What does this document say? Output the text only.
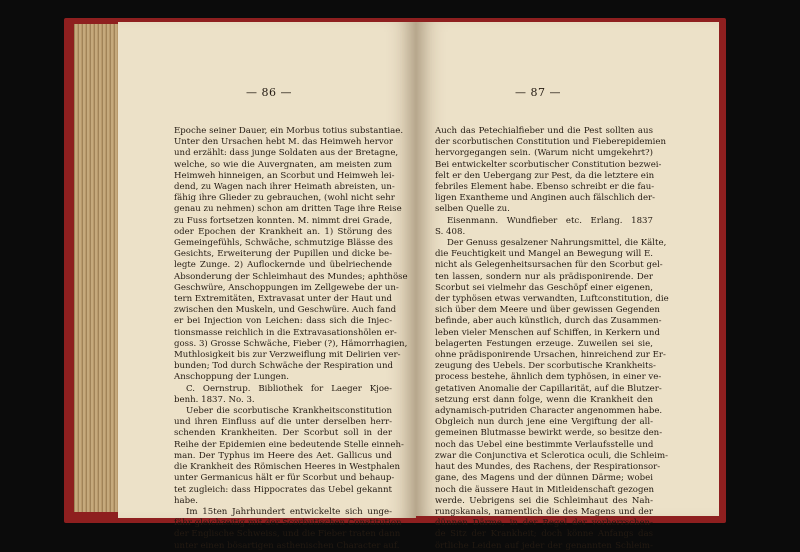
— 86 —
Epoche seiner Dauer, ein Morbus totius substantiae.
Unter den Ursachen hebt M. das Heimweh hervor
und erzählt: dass junge Soldaten aus der Bretagne,
welche, so wie die Auvergnaten, am meisten zum
Heimweh hinneigen, an Scorbut und Heimweh lei-
dend, zu Wagen nach ihrer Heimath abreisten, un-
fähig ihre Glieder zu gebrauchen, (wohl nicht sehr
genau zu nehmen) schon am dritten Tage ihre Reise
zu Fuss fortsetzen konnten. M. nimmt drei Grade,
oder Epochen der Krankheit an. 1) Störung des
Gemeingefühls, Schwäche, schmutzige Blässe des
Gesichts, Erweiterung der Pupillen und dicke be-
legte Zunge. 2) Auflockernde und übelriechende
Absonderung der Schleimhaut des Mundes; aphthöse
Geschwüre, Anschoppungen im Zellgewebe der un-
tern Extremitäten, Extravasat unter der Haut und
zwischen den Muskeln, und Geschwüre. Auch fand
er bei Injection von Leichen: dass sich die Injec-
tionsmasse reichlich in die Extravasationshölen er-
goss. 3) Grosse Schwäche, Fieber (?), Hämorrhagien,
Muthlosigkeit bis zur Verzweiflung mit Delirien ver-
bunden; Tod durch Schwäche der Respiration und
Anschoppung der Lungen.
C. Oernstrup. Bibliothek for Laeger Kjoe-
benh. 1837. No. 3.
Ueber die scorbutische Krankheitsconstitution
und ihren Einfluss auf die unter derselben herr-
schenden Krankheiten. Der Scorbut soll in der
Reihe der Epidemien eine bedeutende Stelle einneh-
man. Der Typhus im Heere des Aet. Gallicus und
die Krankheit des Römischen Heeres in Westphalen
unter Germanicus hält er für Scorbut und behaup-
tet zugleich: dass Hippocrates das Uebel gekannt
habe.
Im 15ten Jahrhundert entwickelte sich unge-
fähr gleichzeitig mit der Scorbutischen Constitution
der Englische Schweiss, und die Fieber traten dann
unter einen bösartigen asthenischen Character auf.
— 87 —
Auch das Petechialfieber und die Pest sollten aus
der scorbutischen Constitution und Fieberepidemien
hervorgegangen sein. (Warum nicht umgekehrt?)
Bei entwickelter scorbutischer Constitution bezwei-
felt er den Uebergang zur Pest, da die letztere ein
febriles Element habe. Ebenso schreibt er die fau-
ligen Exantheme und Anginen auch fälschlich der-
selben Quelle zu.
Eisenmann. Wundfieber etc. Erlang. 1837
S. 408.
Der Genuss gesalzener Nahrungsmittel, die Kälte,
die Feuchtigkeit und Mangel an Bewegung will E.
nicht als Gelegenheitsursachen für den Scorbut gel-
ten lassen, sondern nur als prädisponirende. Der
Scorbut sei vielmehr das Geschöpf einer eigenen,
der typhösen etwas verwandten, Luftconstitution, die
sich über dem Meere und über gewissen Gegenden
befinde, aber auch künstlich, durch das Zusammen-
leben vieler Menschen auf Schiffen, in Kerkern und
belagerten Festungen erzeuge. Zuweilen sei sie,
ohne prädisponirende Ursachen, hinreichend zur Er-
zeugung des Uebels. Der scorbutische Krankheits-
process bestehe, ähnlich dem typhösen, in einer ve-
getativen Anomalie der Capillarität, auf die Blutzer-
setzung erst dann folge, wenn die Krankheit den
adynamisch-putriden Character angenommen habe.
Obgleich nun durch jene eine Vergiftung der all-
gemeinen Blutmasse bewirkt werde, so besitze den-
noch das Uebel eine bestimmte Verlaufsstelle und
zwar die Conjunctiva et Sclerotica oculi, die Schleim-
haut des Mundes, des Rachens, der Respirationsor-
gane, des Magens und der dünnen Därme; wobei
noch die äussere Haut in Mitleidenschaft gezogen
werde. Uebrigens sei die Schleimhaut des Nah-
rungskanals, namentlich die des Magens und der
dünnen Därme, in der Regel der vorherrschen-
de Sitz der Krankheit; doch könne Anfangs das
örtliche Leiden auf jeder der genannten Schleim-
